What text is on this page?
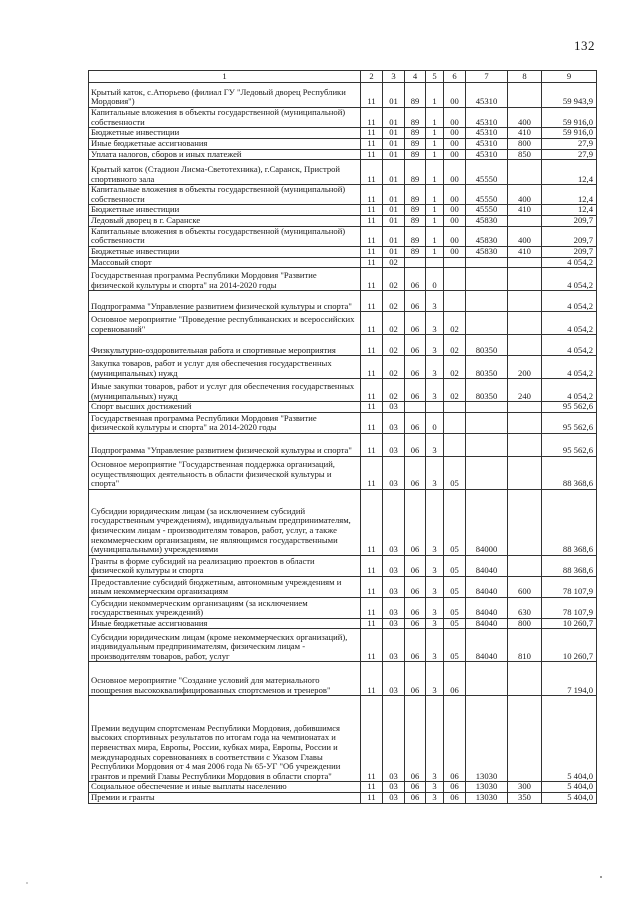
132
1	2	3	4	5	6	7	8	9
Крытый каток, с.Атюрьево (филиал ГУ "Ледовый дворец Республики Мордовия")	11	01	89	1	00	45310		59 943,9
Капитальные вложения в объекты государственной (муниципальной) собственности	11	01	89	1	00	45310	400	59 916,0
Бюджетные инвестиции	11	01	89	1	00	45310	410	59 916,0
Иные бюджетные ассигнования	11	01	89	1	00	45310	800	27,9
Уплата налогов, сборов и иных платежей	11	01	89	1	00	45310	850	27,9
Крытый каток (Стадион Лисма-Светотехника), г.Саранск, Пристрой спортивного зала	11	01	89	1	00	45550		12,4
Капитальные вложения в объекты государственной (муниципальной) собственности	11	01	89	1	00	45550	400	12,4
Бюджетные инвестиции	11	01	89	1	00	45550	410	12,4
Ледовый дворец в г. Саранске	11	01	89	1	00	45830		209,7
Капитальные вложения в объекты государственной (муниципальной) собственности	11	01	89	1	00	45830	400	209,7
Бюджетные инвестиции	11	01	89	1	00	45830	410	209,7
Массовый спорт	11	02						4 054,2
Государственная программа Республики Мордовия "Развитие физической культуры и спорта" на 2014-2020 годы	11	02	06	0				4 054,2
Подпрограмма "Управление развитием физической культуры и спорта"	11	02	06	3				4 054,2
Основное мероприятие "Проведение республиканских и всероссийских соревнований"	11	02	06	3	02			4 054,2
Физкультурно-оздоровительная работа и спортивные мероприятия	11	02	06	3	02	80350		4 054,2
Закупка товаров, работ и услуг для обеспечения государственных (муниципальных) нужд	11	02	06	3	02	80350	200	4 054,2
Иные закупки товаров, работ и услуг для обеспечения государственных (муниципальных) нужд	11	02	06	3	02	80350	240	4 054,2
Спорт высших достижений	11	03						95 562,6
Государственная программа Республики Мордовия "Развитие физической культуры и спорта" на 2014-2020 годы	11	03	06	0				95 562,6
Подпрограмма "Управление развитием физической культуры и спорта"	11	03	06	3				95 562,6
Основное мероприятие "Государственная поддержка организаций, осуществляющих деятельность в области физической культуры и спорта"	11	03	06	3	05			88 368,6
Субсидии юридическим лицам (за исключением субсидий государственным учреждениям), индивидуальным предпринимателям, физическим лицам - производителям товаров, работ, услуг, а также некоммерческим организациям, не являющимся государственными (муниципальными) учреждениями	11	03	06	3	05	84000		88 368,6
Гранты в форме субсидий на реализацию проектов в области физической культуры и спорта	11	03	06	3	05	84040		88 368,6
Предоставление субсидий бюджетным, автономным учреждениям и иным некоммерческим организациям	11	03	06	3	05	84040	600	78 107,9
Субсидии некоммерческим организациям (за исключением государственных учреждений)	11	03	06	3	05	84040	630	78 107,9
Иные бюджетные ассигнования	11	03	06	3	05	84040	800	10 260,7
Субсидии юридическим лицам (кроме некоммерческих организаций), индивидуальным предпринимателям, физическим лицам - производителям товаров, работ, услуг	11	03	06	3	05	84040	810	10 260,7
Основное мероприятие "Создание условий для материального поощрения высококвалифицированных спортсменов и тренеров"	11	03	06	3	06			7 194,0
Премии ведущим спортсменам Республики Мордовия, добившимся высоких спортивных результатов по итогам года на чемпионатах и первенствах мира, Европы, России, кубках мира, Европы, России и международных соревнованиях в соответствии с Указом Главы Республики Мордовия от 4 мая 2006 года № 65-УГ "Об учреждении грантов и премий Главы Республики Мордовия в области спорта"	11	03	06	3	06	13030		5 404,0
Социальное обеспечение и иные выплаты населению	11	03	06	3	06	13030	300	5 404,0
Премии и гранты	11	03	06	3	06	13030	350	5 404,0
